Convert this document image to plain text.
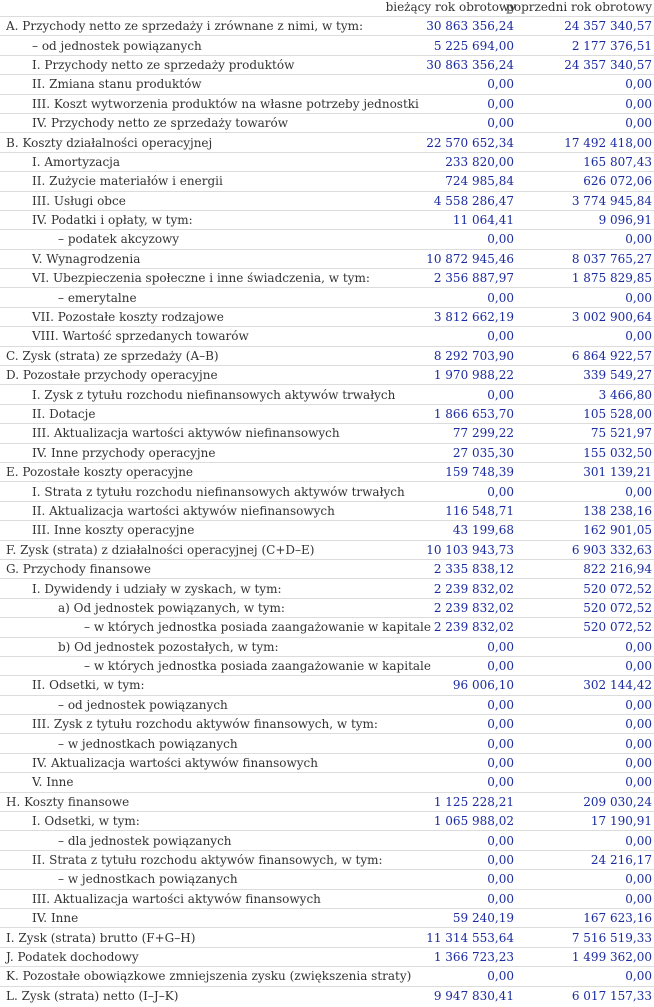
bieżący rok obrotowy
poprzedni rok obrotowy
A. Przychody netto ze sprzedaży i zrównane z nimi, w tym:	30 863 356,24	24 357 340,57
– od jednostek powiązanych	5 225 694,00	2 177 376,51
I. Przychody netto ze sprzedaży produktów	30 863 356,24	24 357 340,57
II. Zmiana stanu produktów	0,00	0,00
III. Koszt wytworzenia produktów na własne potrzeby jednostki	0,00	0,00
IV. Przychody netto ze sprzedaży towarów	0,00	0,00
B. Koszty działalności operacyjnej	22 570 652,34	17 492 418,00
I. Amortyzacja	233 820,00	165 807,43
II. Zużycie materiałów i energii	724 985,84	626 072,06
III. Usługi obce	4 558 286,47	3 774 945,84
IV. Podatki i opłaty, w tym:	11 064,41	9 096,91
– podatek akcyzowy	0,00	0,00
V. Wynagrodzenia	10 872 945,46	8 037 765,27
VI. Ubezpieczenia społeczne i inne świadczenia, w tym:	2 356 887,97	1 875 829,85
– emerytalne	0,00	0,00
VII. Pozostałe koszty rodzajowe	3 812 662,19	3 002 900,64
VIII. Wartość sprzedanych towarów	0,00	0,00
C. Zysk (strata) ze sprzedaży (A–B)	8 292 703,90	6 864 922,57
D. Pozostałe przychody operacyjne	1 970 988,22	339 549,27
I. Zysk z tytułu rozchodu niefinansowych aktywów trwałych	0,00	3 466,80
II. Dotacje	1 866 653,70	105 528,00
III. Aktualizacja wartości aktywów niefinansowych	77 299,22	75 521,97
IV. Inne przychody operacyjne	27 035,30	155 032,50
E. Pozostałe koszty operacyjne	159 748,39	301 139,21
I. Strata z tytułu rozchodu niefinansowych aktywów trwałych	0,00	0,00
II. Aktualizacja wartości aktywów niefinansowych	116 548,71	138 238,16
III. Inne koszty operacyjne	43 199,68	162 901,05
F. Zysk (strata) z działalności operacyjnej (C+D–E)	10 103 943,73	6 903 332,63
G. Przychody finansowe	2 335 838,12	822 216,94
I. Dywidendy i udziały w zyskach, w tym:	2 239 832,02	520 072,52
a) Od jednostek powiązanych, w tym:	2 239 832,02	520 072,52
– w których jednostka posiada zaangażowanie w kapitale	2 239 832,02	520 072,52
b) Od jednostek pozostałych, w tym:	0,00	0,00
– w których jednostka posiada zaangażowanie w kapitale	0,00	0,00
II. Odsetki, w tym:	96 006,10	302 144,42
– od jednostek powiązanych	0,00	0,00
III. Zysk z tytułu rozchodu aktywów finansowych, w tym:	0,00	0,00
– w jednostkach powiązanych	0,00	0,00
IV. Aktualizacja wartości aktywów finansowych	0,00	0,00
V. Inne	0,00	0,00
H. Koszty finansowe	1 125 228,21	209 030,24
I. Odsetki, w tym:	1 065 988,02	17 190,91
– dla jednostek powiązanych	0,00	0,00
II. Strata z tytułu rozchodu aktywów finansowych, w tym:	0,00	24 216,17
– w jednostkach powiązanych	0,00	0,00
III. Aktualizacja wartości aktywów finansowych	0,00	0,00
IV. Inne	59 240,19	167 623,16
I. Zysk (strata) brutto (F+G–H)	11 314 553,64	7 516 519,33
J. Podatek dochodowy	1 366 723,23	1 499 362,00
K. Pozostałe obowiązkowe zmniejszenia zysku (zwiększenia straty)	0,00	0,00
L. Zysk (strata) netto (I–J–K)	9 947 830,41	6 017 157,33
